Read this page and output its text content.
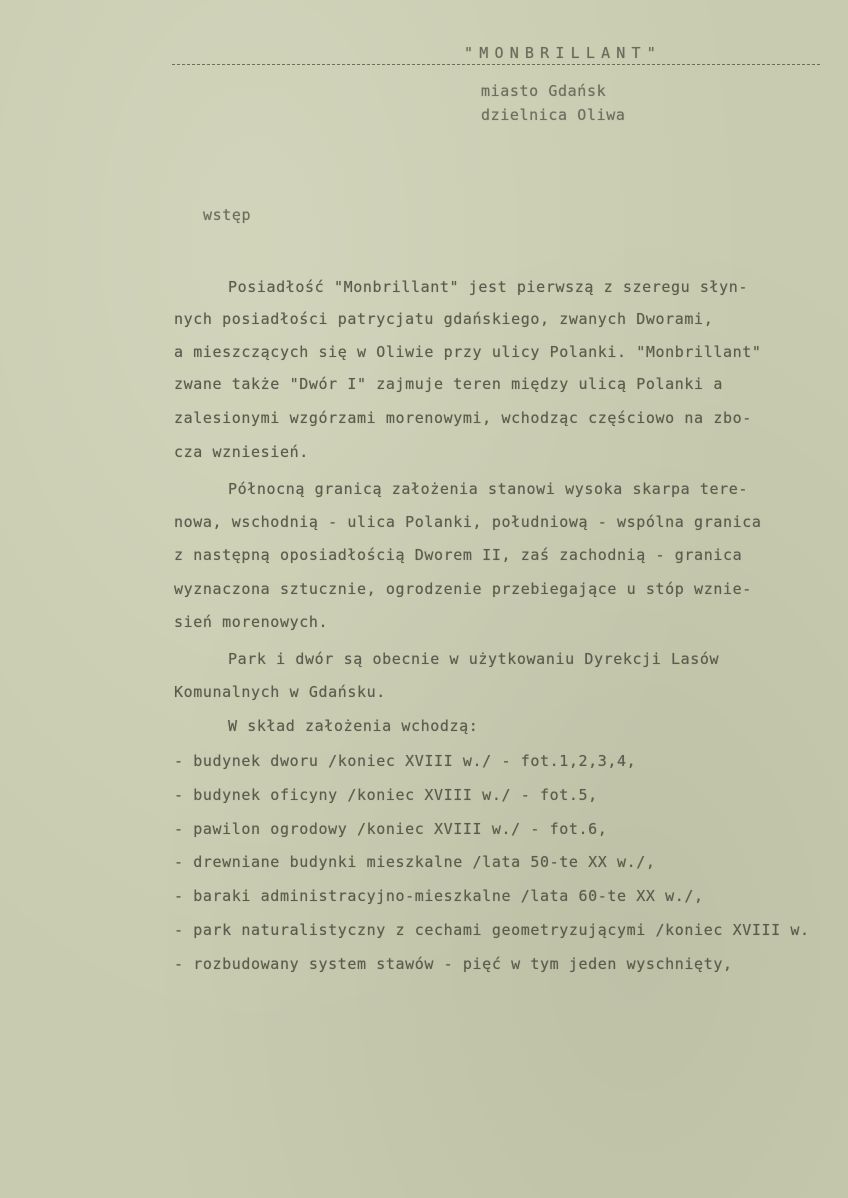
"MONBRILLANT"
miasto Gdańsk
dzielnica Oliwa
wstęp
Posiadłość "Monbrillant" jest pierwszą z szeregu słyn-
nych posiadłości patrycjatu gdańskiego, zwanych Dworami,
a mieszczących się w Oliwie przy ulicy Polanki. "Monbrillant"
zwane także "Dwór I" zajmuje teren między ulicą Polanki a
zalesionymi wzgórzami morenowymi, wchodząc częściowo na zbo-
cza wzniesień.
Północną granicą założenia stanowi wysoka skarpa tere-
nowa, wschodnią - ulica Polanki, południową - wspólna granica
z następną oposiadłością Dworem II, zaś zachodnią - granica
wyznaczona sztucznie, ogrodzenie przebiegające u stóp wznie-
sień morenowych.
Park i dwór są obecnie w użytkowaniu Dyrekcji Lasów
Komunalnych w Gdańsku.
W skład założenia wchodzą:
- budynek dworu /koniec XVIII w./ - fot.1,2,3,4,
- budynek oficyny /koniec XVIII w./ - fot.5,
- pawilon ogrodowy /koniec XVIII w./ - fot.6,
- drewniane budynki mieszkalne /lata 50-te XX w./,
- baraki administracyjno-mieszkalne /lata 60-te XX w./,
- park naturalistyczny z cechami geometryzującymi /koniec XVIII w.
- rozbudowany system stawów - pięć w tym jeden wyschnięty,
